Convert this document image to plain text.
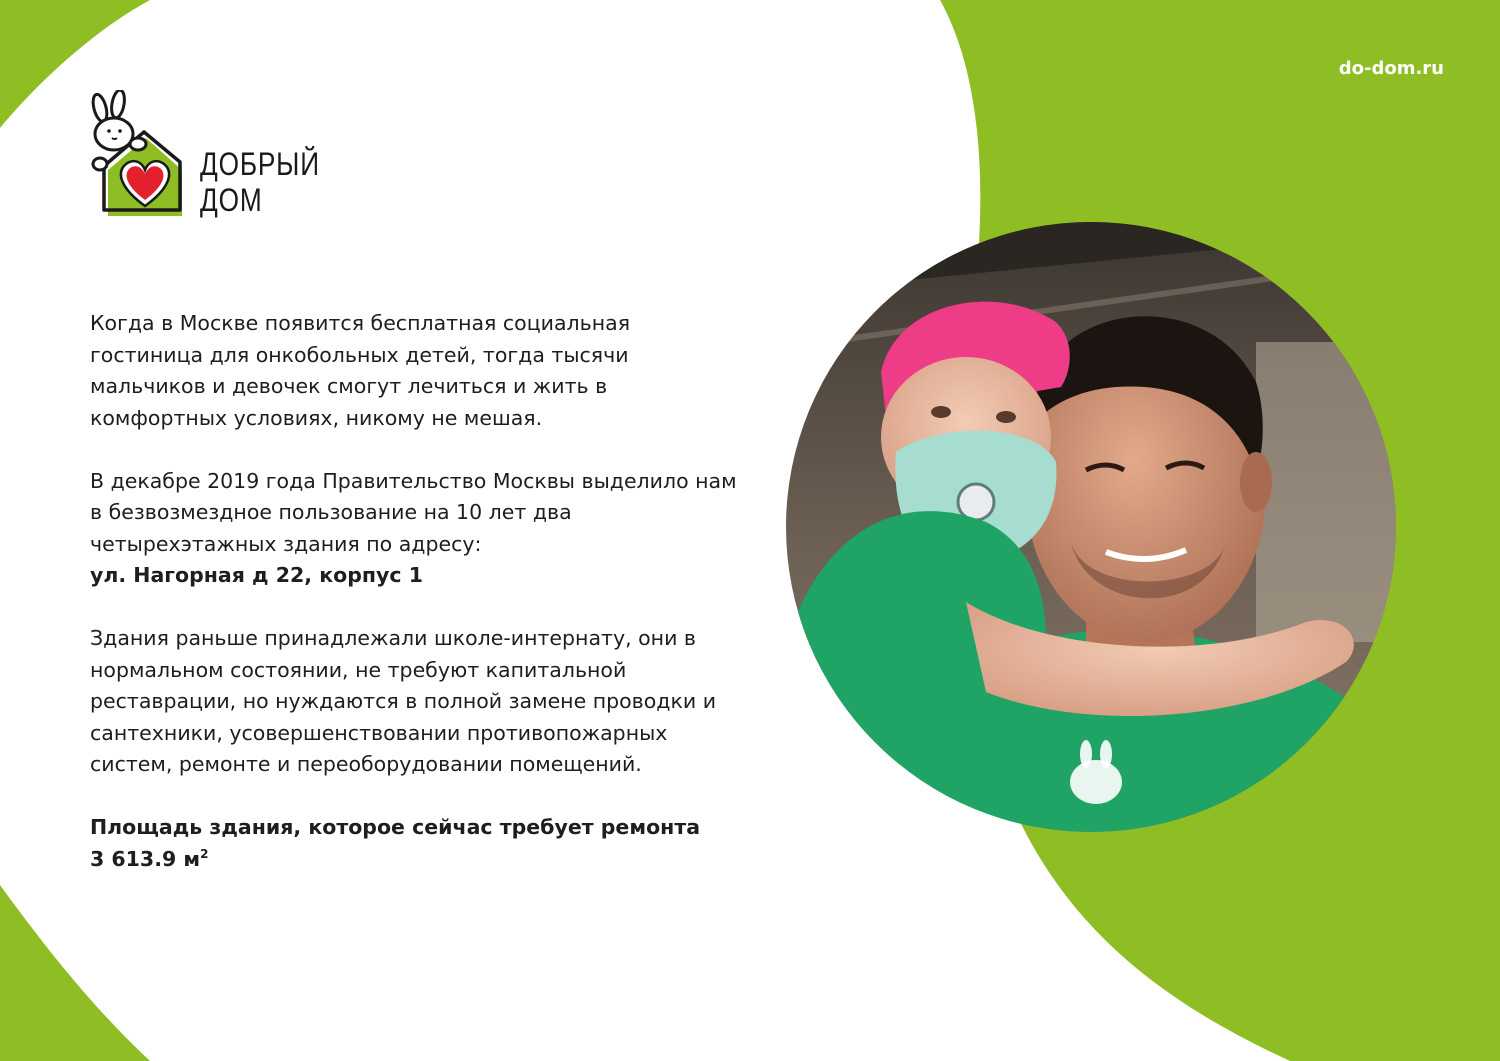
do-dom.ru
ДОБРЫЙ
ДОМ

Когда в Москве появится бесплатная социальная
гостиница для онкобольных детей, тогда тысячи
мальчиков и девочек смогут лечиться и жить в
комфортных условиях, никому не мешая.

В декабре 2019 года Правительство Москвы выделило нам
в безвозмездное пользование на 10 лет два
четырехэтажных здания по адресу:
ул. Нагорная д 22, корпус 1

Здания раньше принадлежали школе-интернату, они в
нормальном состоянии, не требуют капитальной
реставрации, но нуждаются в полной замене проводки и
сантехники, усовершенствовании противопожарных
систем, ремонте и переоборудовании помещений.

Площадь здания, которое сейчас требует ремонта
3 613.9 $м^2$
